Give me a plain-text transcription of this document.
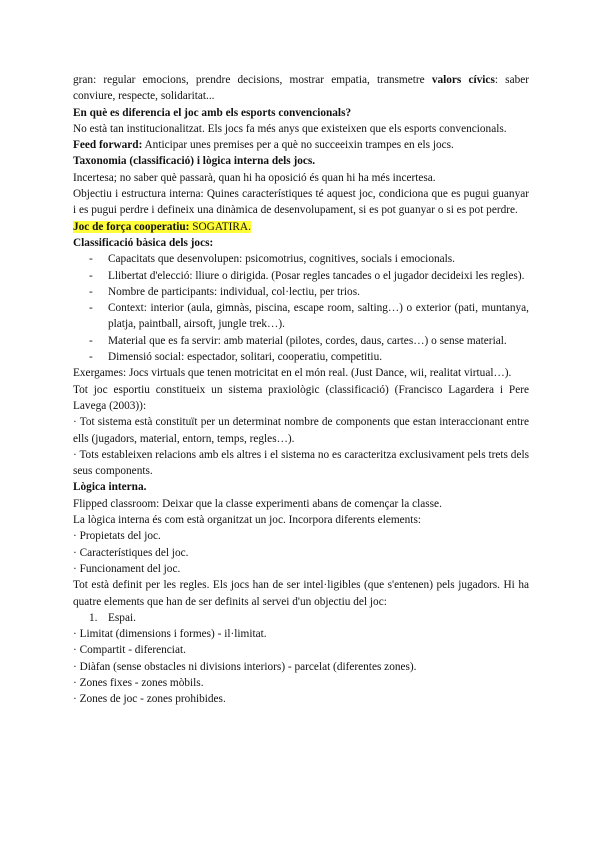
gran: regular emocions, prendre decisions, mostrar empatia, transmetre valors cívics: saber conviure, respecte, solidaritat...

En què es diferencia el joc amb els esports convencionals?

No està tan institucionalitzat. Els jocs fa més anys que existeixen que els esports convencionals.

Feed forward: Anticipar unes premises per a què no succeeixin trampes en els jocs.

Taxonomia (classificació) i lògica interna dels jocs.

Incertesa; no saber què passarà, quan hi ha oposició és quan hi ha més incertesa.

Objectiu i estructura interna: Quines característiques té aquest joc, condiciona que es pugui guanyar i es pugui perdre i defineix una dinàmica de desenvolupament, si es pot guanyar o si es pot perdre.

Joc de força cooperatiu: SOGATIRA.

Classificació bàsica dels jocs:

- Capacitats que desenvolupen: psicomotrius, cognitives, socials i emocionals.
- Llibertat d'elecció: lliure o dirigida. (Posar regles tancades o el jugador decideixi les regles).
- Nombre de participants: individual, col·lectiu, per trios.
- Context: interior (aula, gimnàs, piscina, escape room, salting…) o exterior (pati, muntanya, platja, paintball, airsoft, jungle trek…).
- Material que es fa servir: amb material (pilotes, cordes, daus, cartes…) o sense material.
- Dimensió social: espectador, solitari, cooperatiu, competitiu.

Exergames: Jocs virtuals que tenen motricitat en el món real. (Just Dance, wii, realitat virtual…).

Tot joc esportiu constitueix un sistema praxiològic (classificació) (Francisco Lagardera i Pere Lavega (2003)):

· Tot sistema està constituït per un determinat nombre de components que estan interaccionant entre ells (jugadors, material, entorn, temps, regles…).

· Tots estableixen relacions amb els altres i el sistema no es caracteritza exclusivament pels trets dels seus components.

Lògica interna.

Flipped classroom: Deixar que la classe experimenti abans de començar la classe.

La lògica interna és com està organitzat un joc. Incorpora diferents elements:

· Propietats del joc.

· Característiques del joc.

· Funcionament del joc.

Tot està definit per les regles. Els jocs han de ser intel·ligibles (que s'entenen) pels jugadors. Hi ha quatre elements que han de ser definits al servei d'un objectiu del joc:

1. Espai.

· Limitat (dimensions i formes) - il·limitat.

· Compartit - diferenciat.

· Diàfan (sense obstacles ni divisions interiors) - parcelat (diferentes zones).

· Zones fixes - zones mòbils.

· Zones de joc - zones prohibides.
